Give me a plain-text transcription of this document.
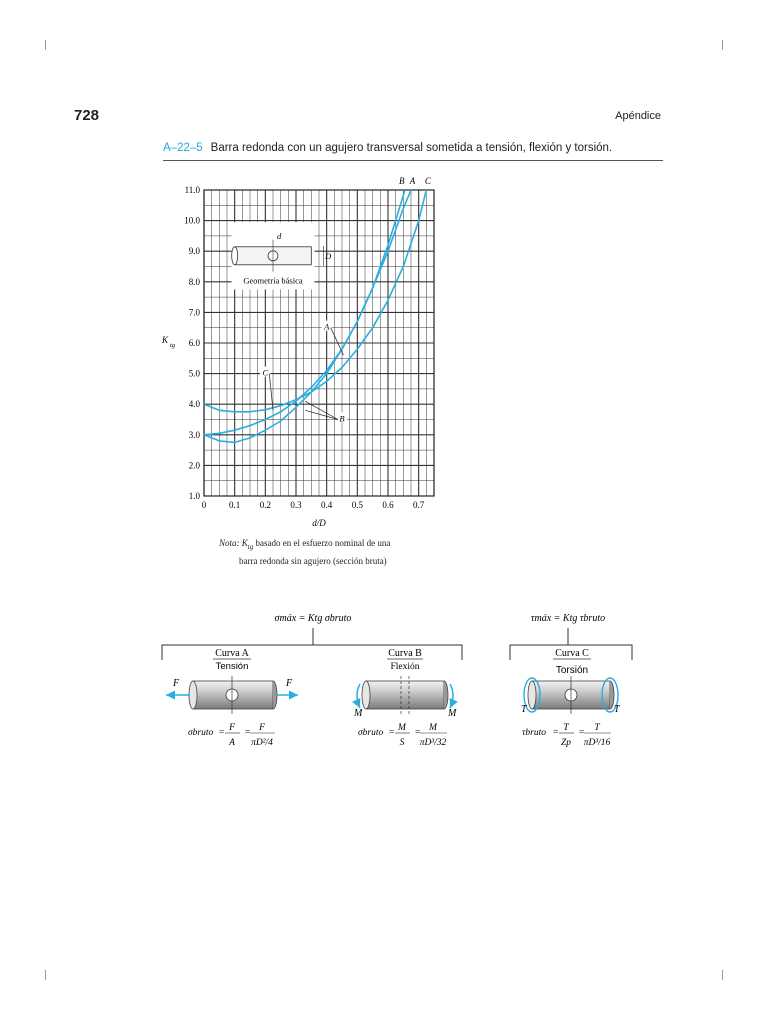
728	Apéndice
A–22–5 Barra redonda con un agujero transversal sometida a tensión, flexión y torsión.
0	0.1 0.2 0.3 0.4 0.5 0.6 0.7
1.0
2.0
3.0
4.0
5.0
6.0
7.0
8.0
9.0
10.0
11.0
d/D
K
tg
B A C
Geometría básica
d
D
A
C
B
Nota: $K_{tg}$ basado en el esfuerzo nominal de una
barra redonda sin agujero (sección bruta)
σmáx = Ktg σbruto	τmáx = Ktg τbruto
Curva A
Tensión
F	F
σbruto = F
A
= F
πD²/4
Curva B
Flexión
M	M
σbruto = M
S
= M
πD³/32
Curva C
Torsión
T	T
τbruto = T
Zp
= T
πD³/16
